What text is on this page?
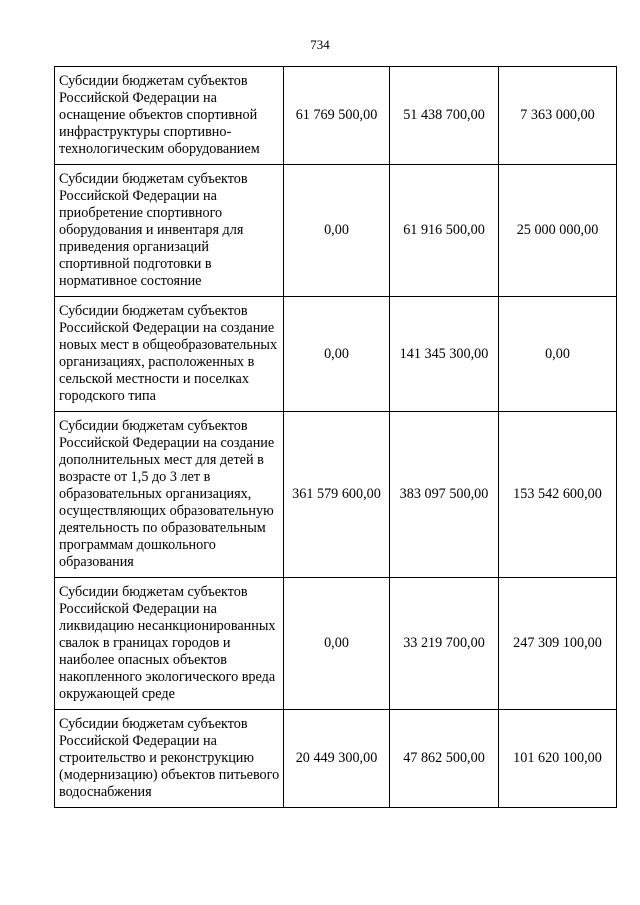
734
Субсидии бюджетам субъектов Российской Федерации на оснащение объектов спортивной инфраструктуры спортивно-технологическим оборудованием	61 769 500,00	51 438 700,00	7 363 000,00
Субсидии бюджетам субъектов Российской Федерации на приобретение спортивного оборудования и инвентаря для приведения организаций спортивной подготовки в нормативное состояние	0,00	61 916 500,00	25 000 000,00
Субсидии бюджетам субъектов Российской Федерации на создание новых мест в общеобразовательных организациях, расположенных в сельской местности и поселках городского типа	0,00	141 345 300,00	0,00
Субсидии бюджетам субъектов Российской Федерации на создание дополнительных мест для детей в возрасте от 1,5 до 3 лет в образовательных организациях, осуществляющих образовательную деятельность по образовательным программам дошкольного образования	361 579 600,00	383 097 500,00	153 542 600,00
Субсидии бюджетам субъектов Российской Федерации на ликвидацию несанкционированных свалок в границах городов и наиболее опасных объектов накопленного экологического вреда окружающей среде	0,00	33 219 700,00	247 309 100,00
Субсидии бюджетам субъектов Российской Федерации на строительство и реконструкцию (модернизацию) объектов питьевого водоснабжения	20 449 300,00	47 862 500,00	101 620 100,00
